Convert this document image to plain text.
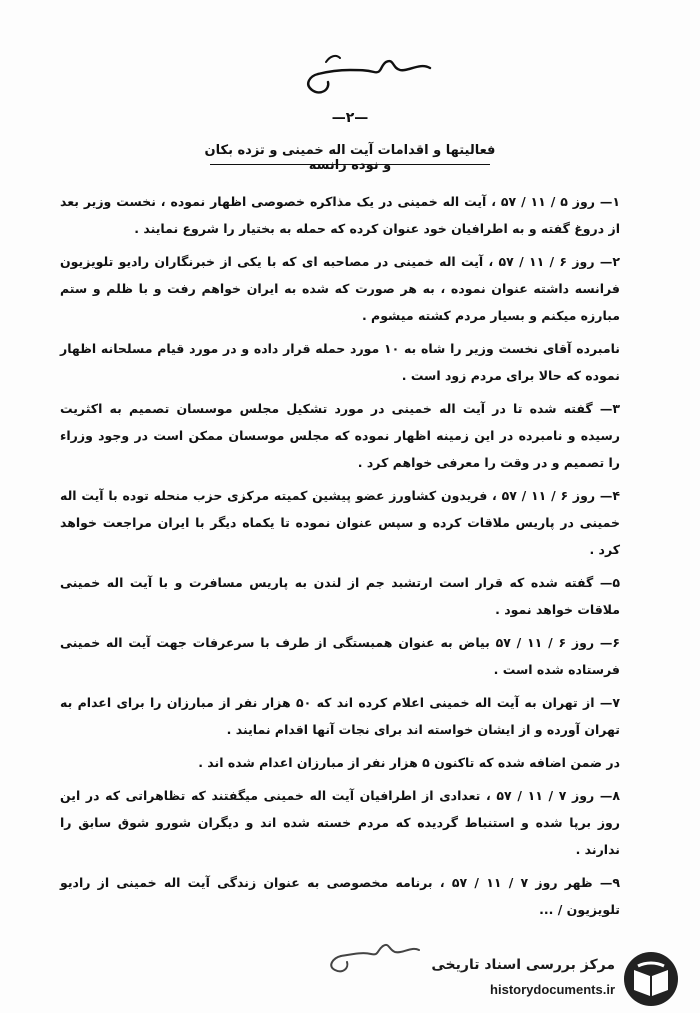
—۲—
فعالیتها و اقدامات آیت اله خمینی و تزده بکان و نوده رانسه

۱— روز ۵ / ۱۱ / ۵۷ ، آیت اله خمینی در یک مذاکره خصوصی اظهار نموده ، نخست وزیر بعد از دروغ گفته و به اطرافیان خود عنوان کرده که حمله به بختیار را شروع نمایند .

۲— روز ۶ / ۱۱ / ۵۷ ، آیت اله خمینی در مصاحبه ای که با یکی از خبرنگاران رادیو تلویزیون فرانسه داشته عنوان نموده ، به هر صورت که شده به ایران خواهم رفت و با ظلم و ستم مبارزه میکنم و بسیار مردم کشته میشوم .

نامبرده آقای نخست وزیر را شاه به ۱۰ مورد حمله قرار داده و در مورد قیام مسلحانه اظهار نموده که حالا برای مردم زود است .

۳— گفته شده تا در آیت اله خمینی در مورد تشکیل مجلس موسسان تصمیم به اکثریت رسیده و نامبرده در این زمینه اظهار نموده که مجلس موسسان ممکن است در وجود وزراء را تصمیم و در وقت را معرفی خواهم کرد .

۴— روز ۶ / ۱۱ / ۵۷ ، فریدون کشاورز عضو پیشین کمیته مرکزی حزب منحله توده با آیت اله خمینی در پاریس ملاقات کرده و سپس عنوان نموده تا یکماه دیگر با ایران مراجعت خواهد کرد .

۵— گفته شده که قرار است ارتشبد جم از لندن به پاریس مسافرت و با آیت اله خمینی ملاقات خواهد نمود .

۶— روز ۶ / ۱۱ / ۵۷ بیاض به عنوان همبستگی از طرف با سرعرفات جهت آیت اله خمینی فرستاده شده است .

۷— از تهران به آیت اله خمینی اعلام کرده اند که ۵۰ هزار نفر از مبارزان را برای اعدام به تهران آورده و از ایشان خواسته اند برای نجات آنها اقدام نمایند .

در ضمن اضافه شده که تاکنون ۵ هزار نفر از مبارزان اعدام شده اند .

۸— روز ۷ / ۱۱ / ۵۷ ، تعدادی از اطرافیان آیت اله خمینی میگفتند که تظاهراتی که در این روز برپا شده و استنباط گردیده که مردم خسته شده اند و دیگران شورو شوق سابق را ندارند .

۹— ظهر روز ۷ / ۱۱ / ۵۷ ، برنامه مخصوصی به عنوان زندگی آیت اله خمینی از رادیو تلویزیون / ...

مرکز بررسی اسناد تاریخی
historydocuments.ir
